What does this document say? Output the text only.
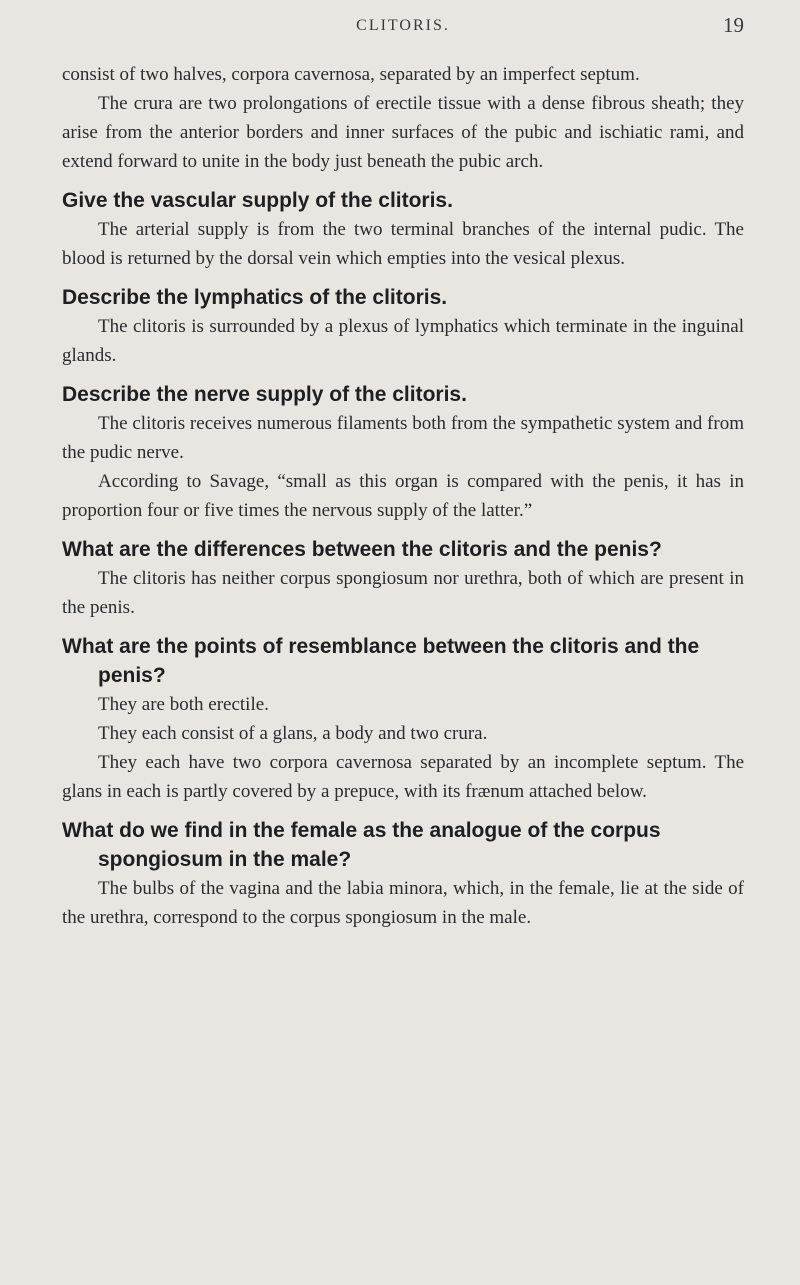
CLITORIS.	19

consist of two halves, corpora cavernosa, separated by an imperfect septum.

The crura are two prolongations of erectile tissue with a dense fibrous sheath; they arise from the anterior borders and inner surfaces of the pubic and ischiatic rami, and extend forward to unite in the body just beneath the pubic arch.

Give the vascular supply of the clitoris.

The arterial supply is from the two terminal branches of the internal pudic. The blood is returned by the dorsal vein which empties into the vesical plexus.

Describe the lymphatics of the clitoris.

The clitoris is surrounded by a plexus of lymphatics which terminate in the inguinal glands.

Describe the nerve supply of the clitoris.

The clitoris receives numerous filaments both from the sympathetic system and from the pudic nerve.

According to Savage, “small as this organ is compared with the penis, it has in proportion four or five times the nervous supply of the latter.”

What are the differences between the clitoris and the penis?

The clitoris has neither corpus spongiosum nor urethra, both of which are present in the penis.

What are the points of resemblance between the clitoris and the penis?

They are both erectile.

They each consist of a glans, a body and two crura.

They each have two corpora cavernosa separated by an incomplete septum. The glans in each is partly covered by a prepuce, with its frænum attached below.

What do we find in the female as the analogue of the corpus spongiosum in the male?

The bulbs of the vagina and the labia minora, which, in the female, lie at the side of the urethra, correspond to the corpus spongiosum in the male.
